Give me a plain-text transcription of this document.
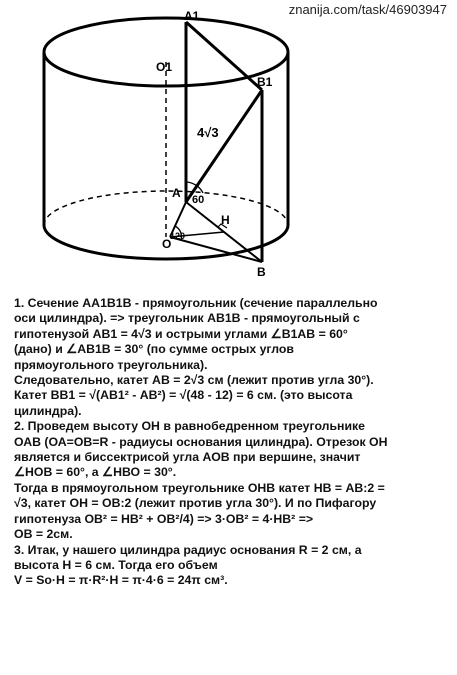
znanija.com/task/46903947
A1
O1
B1
4√3
A 60
H
O
120
B
1. Сечение АА1В1В - прямоугольник (сечение параллельно
оси цилиндра). => треугольник АВ1В - прямоугольный с
гипотенузой АВ1 = 4√3 и острыми углами ∠В1АВ = 60°
(дано) и ∠АВ1В = 30° (по сумме острых углов
прямоугольного треугольника).
Следовательно, катет АВ = 2√3 см (лежит против угла 30°).
Катет ВВ1 = √(АВ1² - АВ²) = √(48 - 12) = 6 см. (это высота
цилиндра).
2. Проведем высоту ОН в равнобедренном треугольнике
ОАВ (ОА=ОВ=R - радиусы основания цилиндра). Отрезок ОН
является и биссектрисой угла АОВ при вершине, значит
∠НОВ = 60°, а ∠НВО = 30°.
Тогда в прямоугольном треугольнике ОНВ катет НВ = АВ:2 =
√3, катет ОН = ОВ:2 (лежит против угла 30°). И по Пифагору
гипотенуза ОВ² = НВ² + ОВ²/4) => 3·ОВ² = 4·НВ² =>
ОВ = 2см.
3. Итак, у нашего цилиндра радиус основания R = 2 см, а
высота Н = 6 см. Тогда его объем
V = Sо·H = π·R²·H = π·4·6 = 24π см³.
